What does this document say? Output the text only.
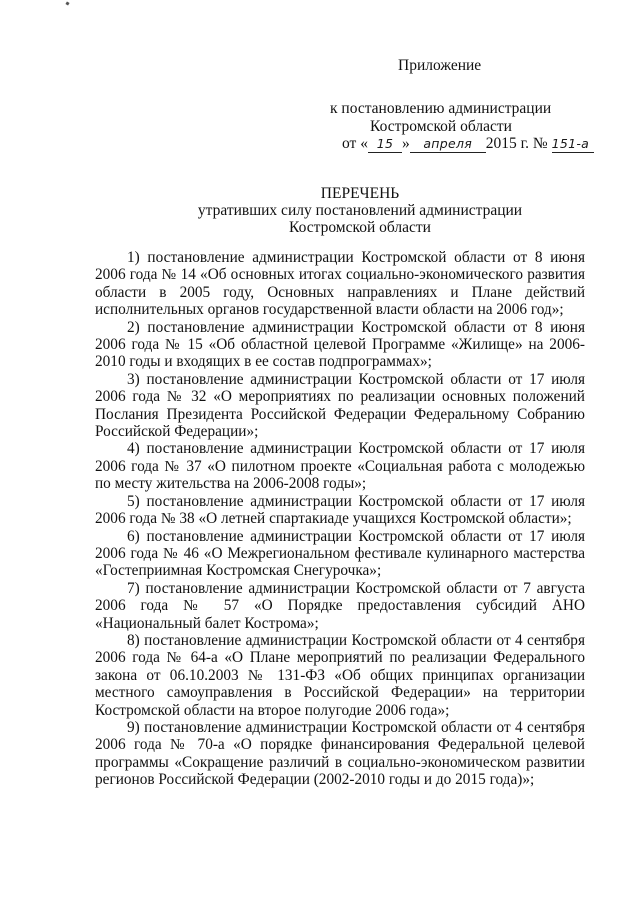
Приложение
к постановлению администрации
Костромской области
от « 15 » апреля 2015 г. № 151-а
ПЕРЕЧЕНЬ
утративших силу постановлений администрации
Костромской области
1) постановление администрации Костромской области от 8 июня 2006 года № 14 «Об основных итогах социально-экономического развития области в 2005 году, Основных направлениях и Плане действий исполнительных органов государственной власти области на 2006 год»;
2) постановление администрации Костромской области от 8 июня 2006 года № 15 «Об областной целевой Программе «Жилище» на 2006-2010 годы и входящих в ее состав подпрограммах»;
3) постановление администрации Костромской области от 17 июля 2006 года № 32 «О мероприятиях по реализации основных положений Послания Президента Российской Федерации Федеральному Собранию Российской Федерации»;
4) постановление администрации Костромской области от 17 июля 2006 года № 37 «О пилотном проекте «Социальная работа с молодежью по месту жительства на 2006-2008 годы»;
5) постановление администрации Костромской области от 17 июля 2006 года № 38 «О летней спартакиаде учащихся Костромской области»;
6) постановление администрации Костромской области от 17 июля 2006 года № 46 «О Межрегиональном фестивале кулинарного мастерства «Гостеприимная Костромская Снегурочка»;
7) постановление администрации Костромской области от 7 августа 2006 года № 57 «О Порядке предоставления субсидий АНО «Национальный балет Кострома»;
8) постановление администрации Костромской области от 4 сентября 2006 года № 64-а «О Плане мероприятий по реализации Федерального закона от 06.10.2003 № 131-ФЗ «Об общих принципах организации местного самоуправления в Российской Федерации» на территории Костромской области на второе полугодие 2006 года»;
9) постановление администрации Костромской области от 4 сентября 2006 года № 70-а «О порядке финансирования Федеральной целевой программы «Сокращение различий в социально-экономическом развитии регионов Российской Федерации (2002-2010 годы и до 2015 года)»;
